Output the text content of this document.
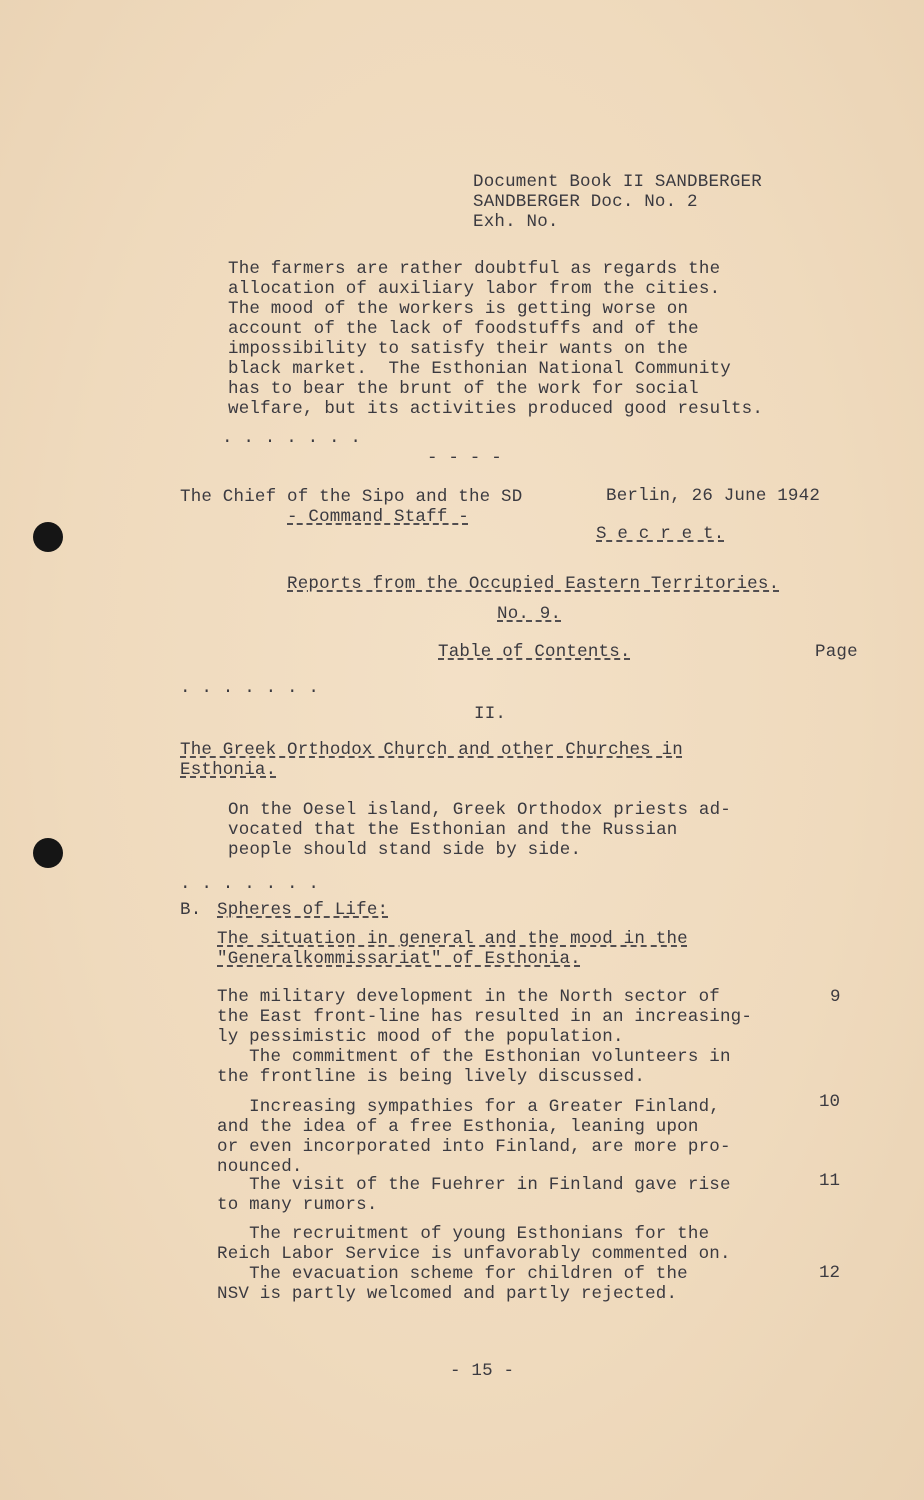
Document Book II SANDBERGER
SANDBERGER Doc. No. 2
Exh. No.
The farmers are rather doubtful as regards the
allocation of auxiliary labor from the cities.
The mood of the workers is getting worse on
account of the lack of foodstuffs and of the
impossibility to satisfy their wants on the
black market.  The Esthonian National Community
has to bear the brunt of the work for social
welfare, but its activities produced good results.
. . . . . . .
- - - -
The Chief of the Sipo and the SD
- Command Staff -
Berlin, 26 June 1942
S e c r e t.
Reports from the Occupied Eastern Territories.
No. 9.
Table of Contents.	Page
. . . . . . .
II.
The Greek Orthodox Church and other Churches in
Esthonia.
On the Oesel island, Greek Orthodox priests ad-
vocated that the Esthonian and the Russian
people should stand side by side.
. . . . . . .
B. Spheres of Life:
The situation in general and the mood in the
"Generalkommissariat" of Esthonia.
The military development in the North sector of
the East front-line has resulted in an increasing-
ly pessimistic mood of the population.
The commitment of the Esthonian volunteers in
the frontline is being lively discussed.
9
Increasing sympathies for a Greater Finland,
and the idea of a free Esthonia, leaning upon
or even incorporated into Finland, are more pro-
nounced.
10
The visit of the Fuehrer in Finland gave rise
to many rumors.
11
The recruitment of young Esthonians for the
Reich Labor Service is unfavorably commented on.
The evacuation scheme for children of the
NSV is partly welcomed and partly rejected.
12
- 15 -
